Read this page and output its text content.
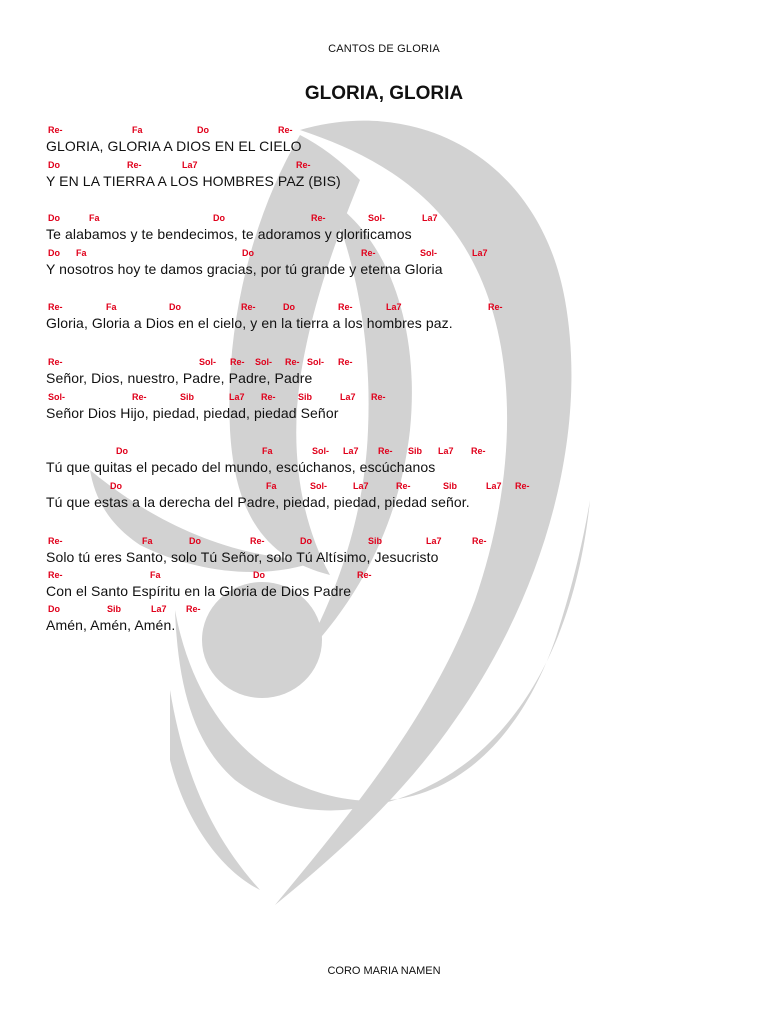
CANTOS DE GLORIA
GLORIA, GLORIA
Re-	Fa	Do	Re-
GLORIA, GLORIA A DIOS EN EL CIELO
Do	Re-	La7	Re-
Y EN LA TIERRA A LOS HOMBRES PAZ (BIS)
Do	Fa	Do	Re-	Sol-	La7
Te alabamos y te bendecimos, te adoramos y glorificamos
Do Fa	Do	Re-	Sol-	La7
Y nosotros hoy te damos gracias, por tú grande y eterna Gloria
Re-	Fa	Do	Re-	Do	Re-	La7	Re-
Gloria, Gloria a Dios en el cielo, y en la tierra a los hombres paz.
Re-	Sol- Re- Sol- Re- Sol- Re-
Señor, Dios, nuestro, Padre, Padre, Padre
Sol-	Re-	Sib	La7 Re- Sib	La7 Re-
Señor Dios Hijo, piedad, piedad, piedad Señor
Do	Fa	Sol- La7 Re- Sib La7 Re-
Tú que quitas el pecado del mundo, escúchanos, escúchanos
Do	Fa	Sol-	La7	Re-	Sib	La7 Re-
Tú que estas a la derecha del Padre, piedad, piedad, piedad señor.
Re-	Fa	Do	Re-	Do	Sib	La7	Re-
Solo tú eres Santo, solo Tú Señor, solo Tú Altísimo, Jesucristo
Re-	Fa	Do	Re-
Con el Santo Espíritu en la Gloria de Dios Padre
Do	Sib	La7 Re-
Amén, Amén, Amén.
CORO MARIA NAMEN
